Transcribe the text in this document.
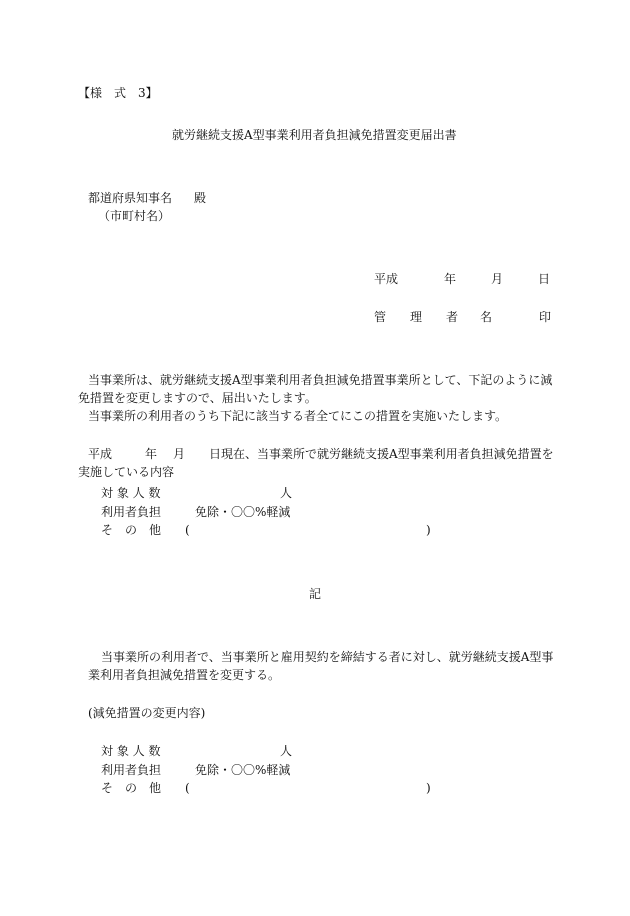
【様　式　3】
就労継続支援A型事業利用者負担減免措置変更届出書
都道府県知事名 殿
（市町村名）
平成	年	月	日
管 理 者 名	印
当事業所は、就労継続支援A型事業利用者負担減免措置事業所として、下記のように減
免措置を変更しますので、届出いたします。
当事業所の利用者のうち下記に該当する者全てにこの措置を実施いたします。
平成	年 月 日現在、当事業所で就労継続支援A型事業利用者負担減免措置を
実施している内容
対 象 人 数	人
利用者負担	免除・〇〇%軽減
そ　の　他 (	)
記
当事業所の利用者で、当事業所と雇用契約を締結する者に対し、就労継続支援A型事
業利用者負担減免措置を変更する。
(減免措置の変更内容)
対 象 人 数	人
利用者負担	免除・〇〇%軽減
そ　の　他 (	)
